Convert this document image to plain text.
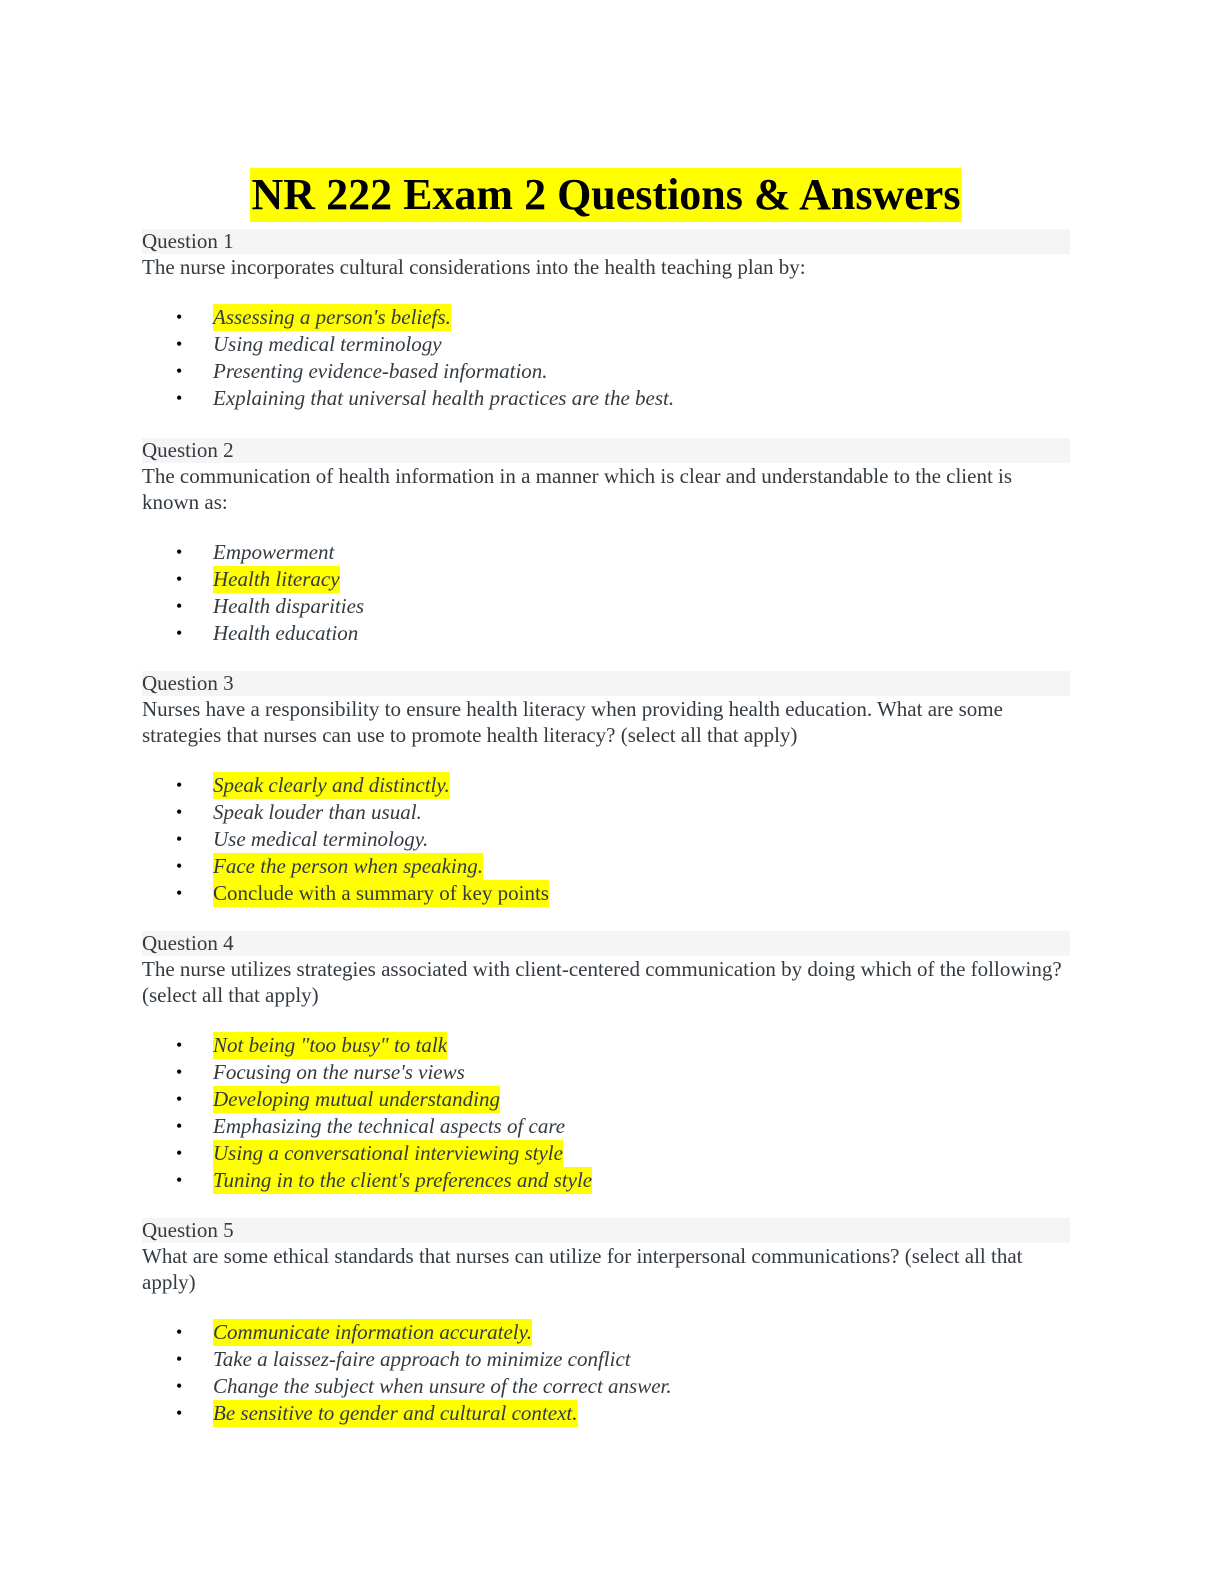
NR 222 Exam 2 Questions & Answers
Question 1
The nurse incorporates cultural considerations into the health teaching plan by:
• Assessing a person's beliefs.
• Using medical terminology
• Presenting evidence-based information.
• Explaining that universal health practices are the best.
Question 2
The communication of health information in a manner which is clear and understandable to the client is known as:
• Empowerment
• Health literacy
• Health disparities
• Health education
Question 3
Nurses have a responsibility to ensure health literacy when providing health education. What are some strategies that nurses can use to promote health literacy? (select all that apply)
• Speak clearly and distinctly.
• Speak louder than usual.
• Use medical terminology.
• Face the person when speaking.
• Conclude with a summary of key points
Question 4
The nurse utilizes strategies associated with client-centered communication by doing which of the following? (select all that apply)
• Not being "too busy" to talk
• Focusing on the nurse's views
• Developing mutual understanding
• Emphasizing the technical aspects of care
• Using a conversational interviewing style
• Tuning in to the client's preferences and style
Question 5
What are some ethical standards that nurses can utilize for interpersonal communications? (select all that apply)
• Communicate information accurately.
• Take a laissez-faire approach to minimize conflict
• Change the subject when unsure of the correct answer.
• Be sensitive to gender and cultural context.
